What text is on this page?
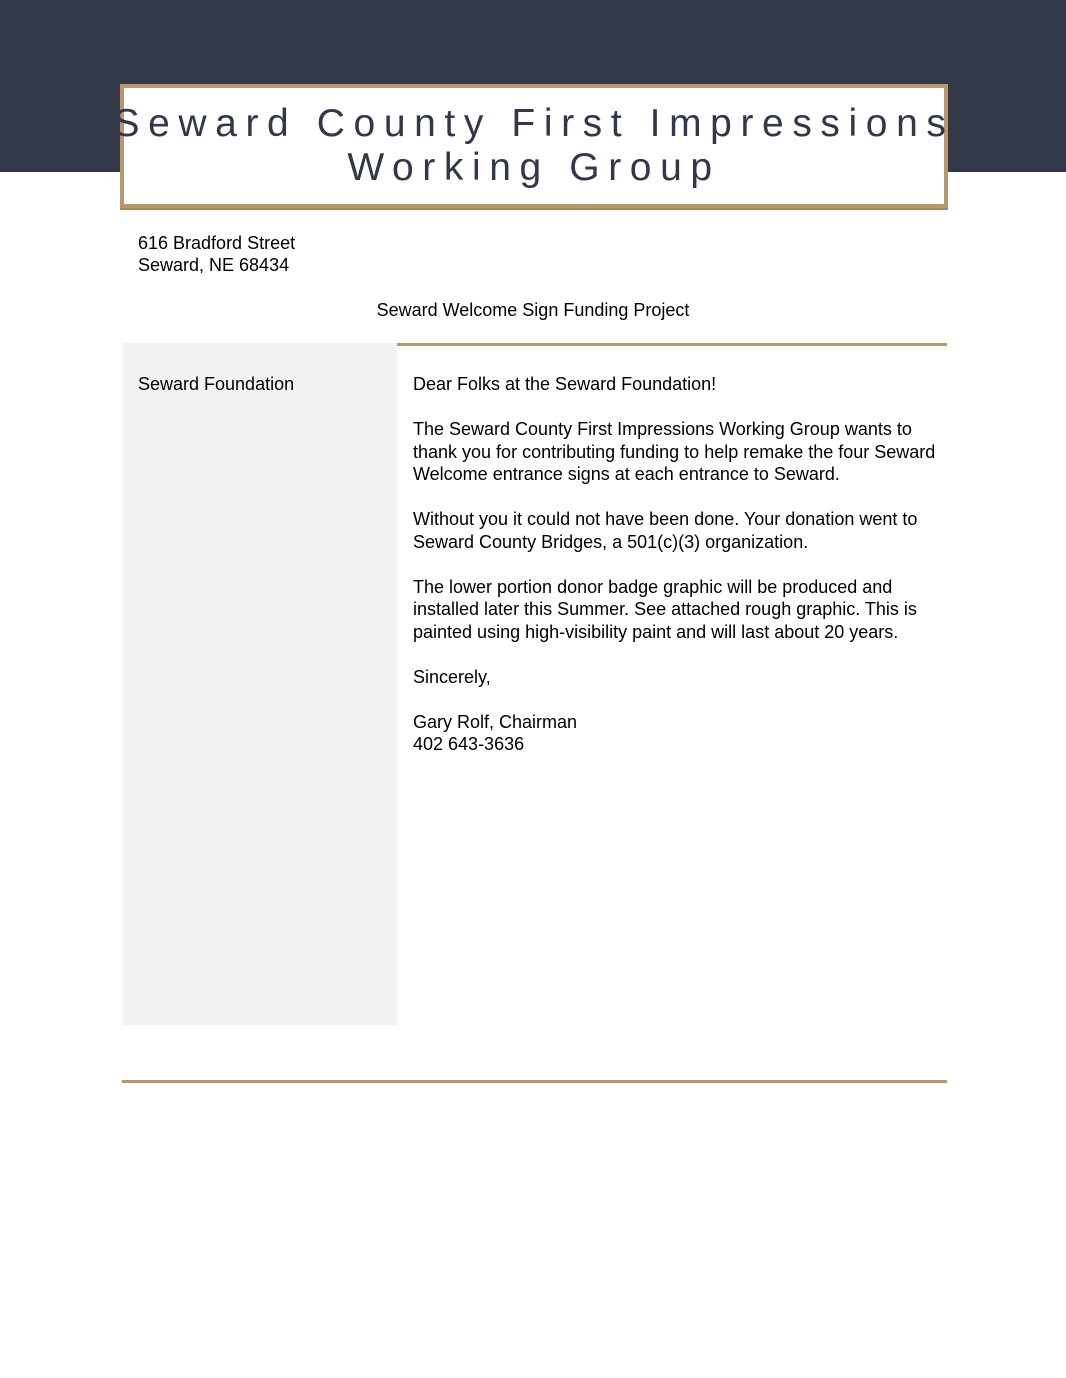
Seward County First Impressions
Working Group
616 Bradford Street
Seward, NE 68434
Seward Welcome Sign Funding Project
Seward Foundation	Dear Folks at the Seward Foundation!

The Seward County First Impressions Working Group wants to thank you for contributing funding to help remake the four Seward Welcome entrance signs at each entrance to Seward.

Without you it could not have been done. Your donation went to Seward County Bridges, a 501(c)(3) organization.

The lower portion donor badge graphic will be produced and installed later this Summer. See attached rough graphic. This is painted using high-visibility paint and will last about 20 years.

Sincerely,

Gary Rolf, Chairman

402 643-3636
